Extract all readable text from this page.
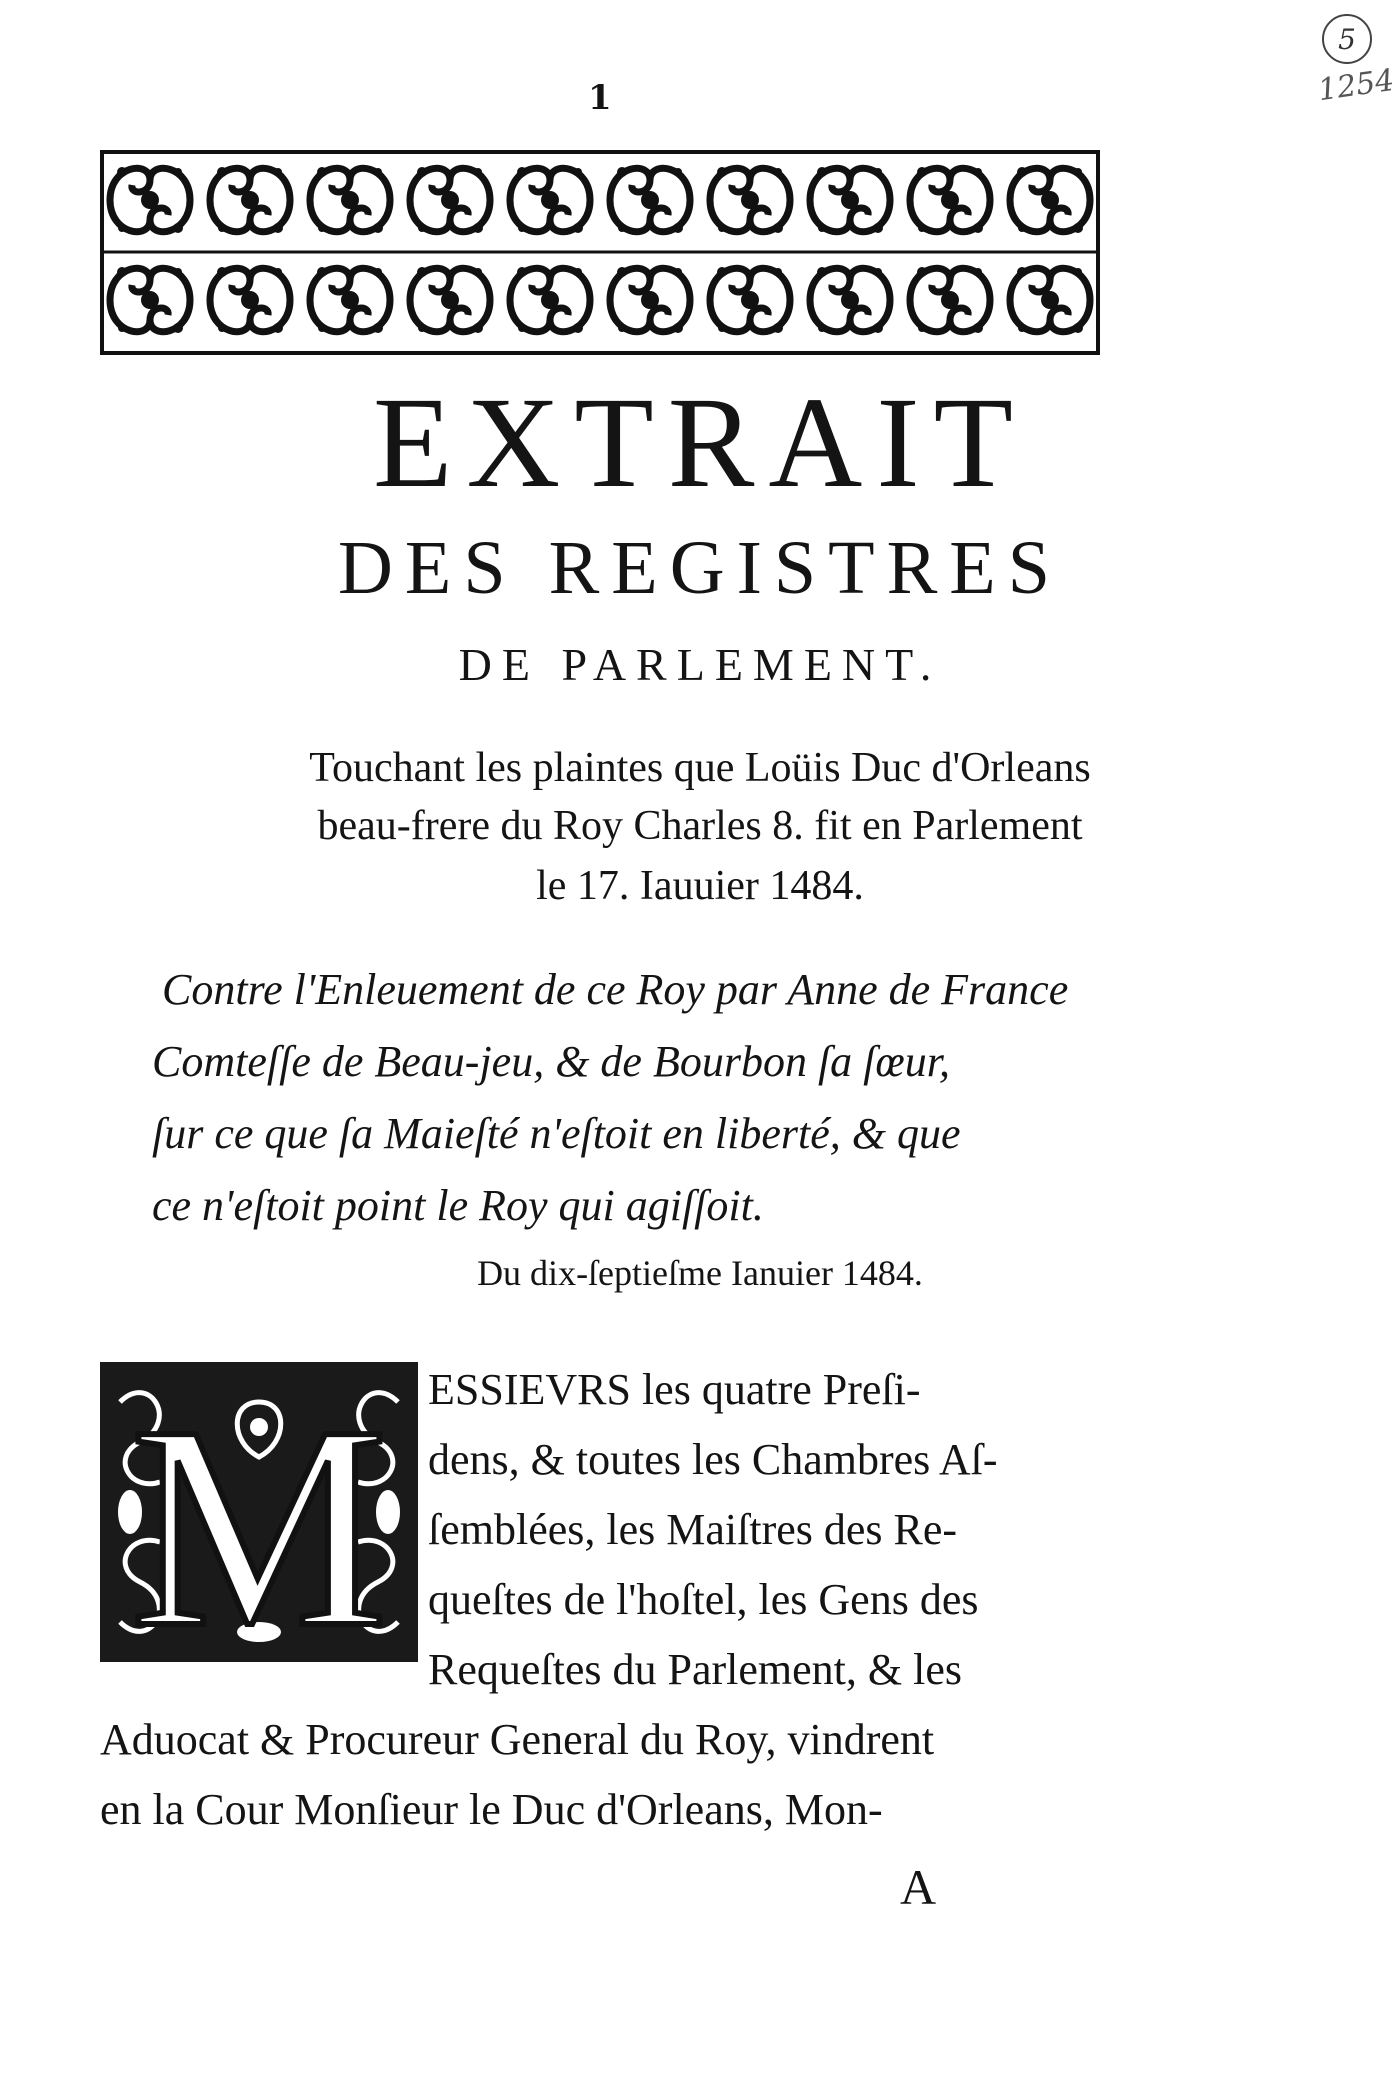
5
1254
1
EXTRAIT
DES REGISTRES
DE PARLEMENT.
Touchant les plaintes que Loüis Duc d'Orleans
beau-frere du Roy Charles 8. fit en Parlement
le 17. Iauuier 1484.
Contre l'Enleuement de ce Roy par Anne de France
Comteſſe de Beau-jeu, & de Bourbon ſa ſœur,
ſur ce que ſa Maieſté n'eſtoit en liberté, & que
ce n'eſtoit point le Roy qui agiſſoit.
Du dix-ſeptieſme Ianuier 1484.
M ESSIEVRS les quatre Preſi-
dens, & toutes les Chambres Aſ-
ſemblées, les Maiſtres des Re-
queſtes de l'hoſtel, les Gens des
Requeſtes du Parlement, & les
Aduocat & Procureur General du Roy, vindrent
en la Cour Monſieur le Duc d'Orleans, Mon-
A
